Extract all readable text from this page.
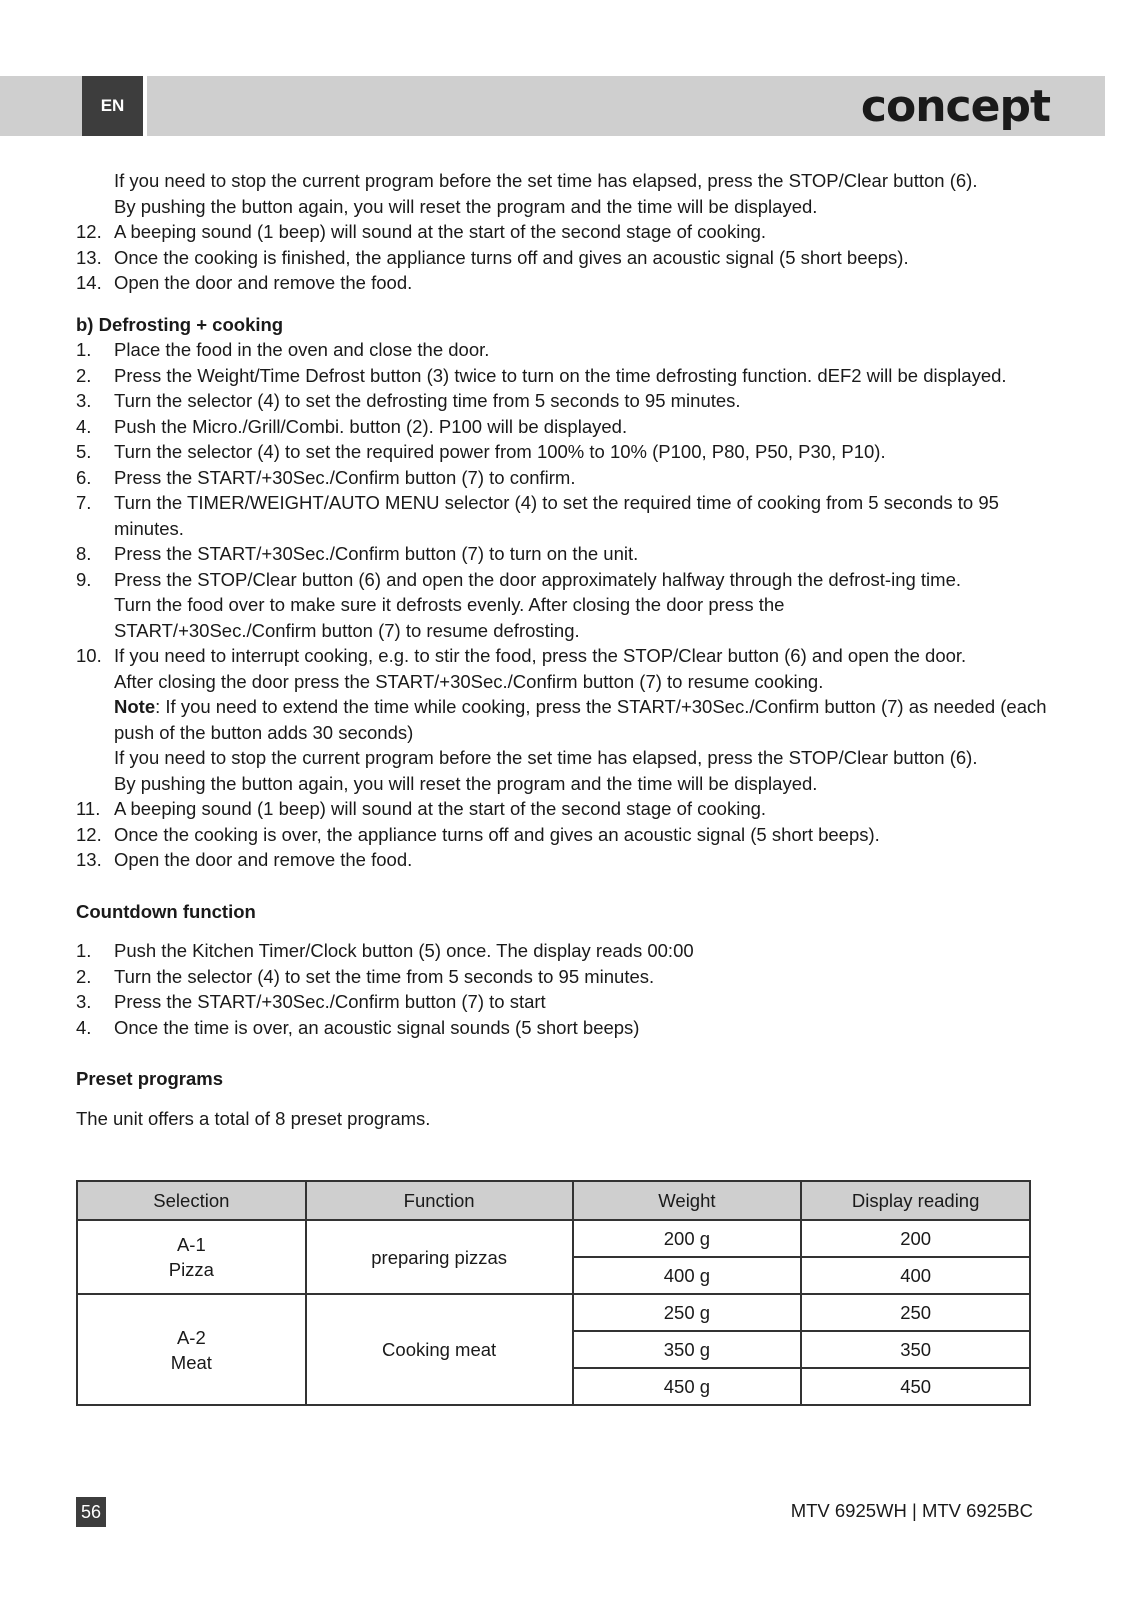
EN	concept

If you need to stop the current program before the set time has elapsed, press the STOP/Clear button (6).

By pushing the button again, you will reset the program and the time will be displayed.

12. A beeping sound (1 beep) will sound at the start of the second stage of cooking.
13. Once the cooking is finished, the appliance turns off and gives an acoustic signal (5 short beeps).
14. Open the door and remove the food.

b) Defrosting + cooking

1. Place the food in the oven and close the door.
2. Press the Weight/Time Defrost button (3) twice to turn on the time defrosting function. dEF2 will be displayed.
3. Turn the selector (4) to set the defrosting time from 5 seconds to 95 minutes.
4. Push the Micro./Grill/Combi. button (2). P100 will be displayed.
5. Turn the selector (4) to set the required power from 100% to 10% (P100, P80, P50, P30, P10).
6. Press the START/+30Sec./Confirm button (7) to confirm.
7. Turn the TIMER/WEIGHT/AUTO MENU selector (4) to set the required time of cooking from 5 seconds to 95 minutes.
8. Press the START/+30Sec./Confirm button (7) to turn on the unit.
9. Press the STOP/Clear button (6) and open the door approximately halfway through the defrost-ing time. Turn the food over to make sure it defrosts evenly. After closing the door press the START/+30Sec./Confirm button (7) to resume defrosting.
10. If you need to interrupt cooking, e.g. to stir the food, press the STOP/Clear button (6) and open the door.
After closing the door press the START/+30Sec./Confirm button (7) to resume cooking.
Note: If you need to extend the time while cooking, press the START/+30Sec./Confirm button (7) as needed (each push of the button adds 30 seconds)
If you need to stop the current program before the set time has elapsed, press the STOP/Clear button (6).
By pushing the button again, you will reset the program and the time will be displayed.
11. A beeping sound (1 beep) will sound at the start of the second stage of cooking.
12. Once the cooking is over, the appliance turns off and gives an acoustic signal (5 short beeps).
13. Open the door and remove the food.

Countdown function

1. Push the Kitchen Timer/Clock button (5) once. The display reads 00:00
2. Turn the selector (4) to set the time from 5 seconds to 95 minutes.
3. Press the START/+30Sec./Confirm button (7) to start
4. Once the time is over, an acoustic signal sounds (5 short beeps)

Preset programs

The unit offers a total of 8 preset programs.

Selection	Function	Weight	Display reading

A-1
Pizza	preparing pizzas	200 g	200
		400 g	400

A-2
Meat	Cooking meat	250 g	250
		350 g	350
		450 g	450
56	MTV 6925WH | MTV 6925BC
